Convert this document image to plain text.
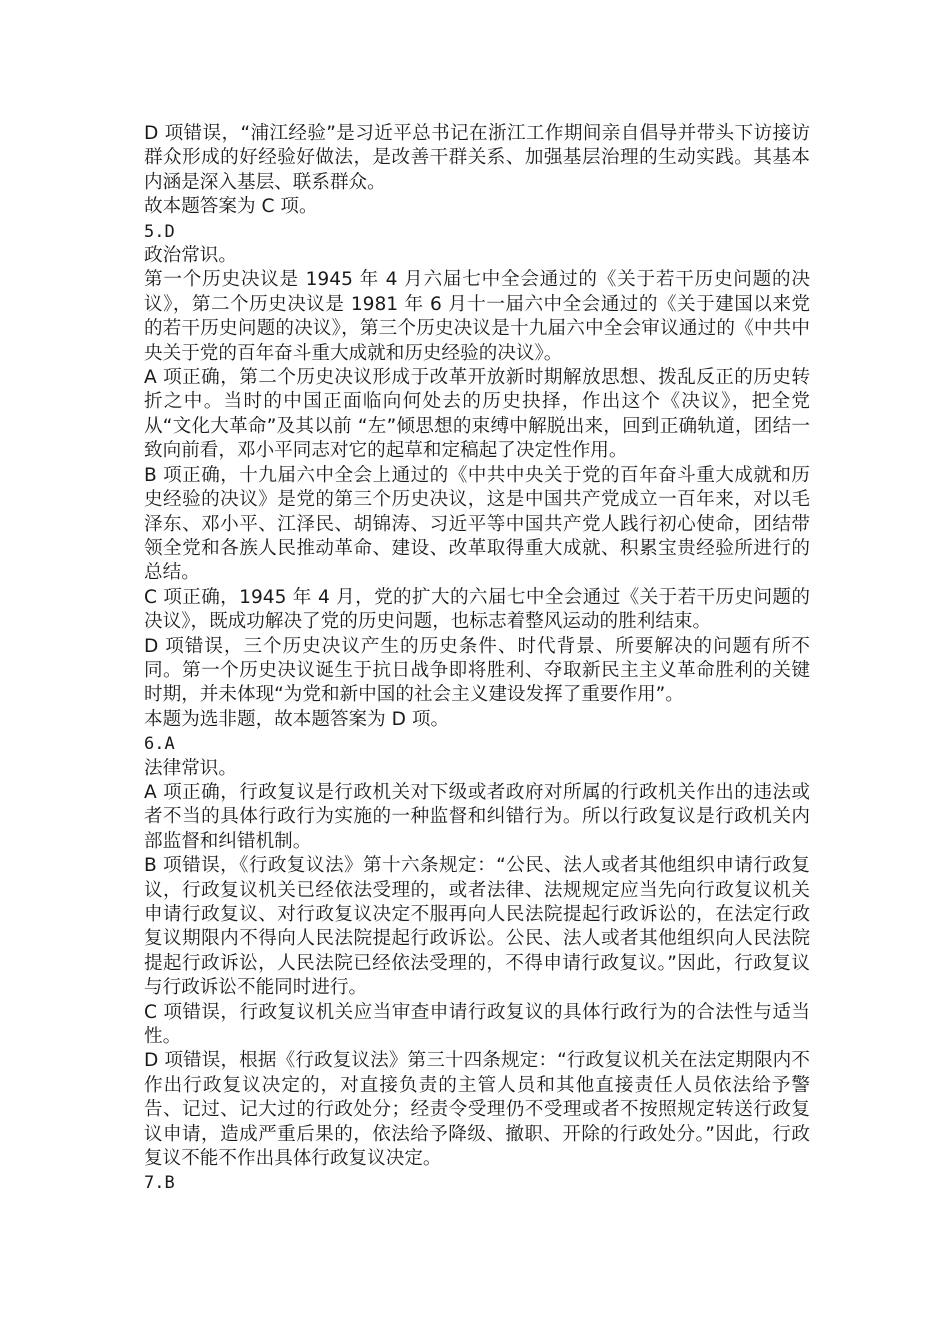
D 项错误，“浦江经验”是习近平总书记在浙江工作期间亲自倡导并带头下访接访群众形成的好经验好做法，是改善干群关系、加强基层治理的生动实践。其基本内涵是深入基层、联系群众。

故本题答案为 C 项。

5.D

政治常识。

第一个历史决议是 1945 年 4 月六届七中全会通过的《关于若干历史问题的决议》，第二个历史决议是 1981 年 6 月十一届六中全会通过的《关于建国以来党的若干历史问题的决议》，第三个历史决议是十九届六中全会审议通过的《中共中央关于党的百年奋斗重大成就和历史经验的决议》。

A 项正确，第二个历史决议形成于改革开放新时期解放思想、拨乱反正的历史转折之中。当时的中国正面临向何处去的历史抉择，作出这个《决议》，把全党从“文化大革命”及其以前 “左”倾思想的束缚中解脱出来，回到正确轨道，团结一致向前看，邓小平同志对它的起草和定稿起了决定性作用。

B 项正确，十九届六中全会上通过的《中共中央关于党的百年奋斗重大成就和历史经验的决议》是党的第三个历史决议，这是中国共产党成立一百年来，对以毛泽东、邓小平、江泽民、胡锦涛、习近平等中国共产党人践行初心使命，团结带领全党和各族人民推动革命、建设、改革取得重大成就、积累宝贵经验所进行的总结。

C 项正确，1945 年 4 月，党的扩大的六届七中全会通过《关于若干历史问题的决议》，既成功解决了党的历史问题，也标志着整风运动的胜利结束。

D 项错误，三个历史决议产生的历史条件、时代背景、所要解决的问题有所不同。第一个历史决议诞生于抗日战争即将胜利、夺取新民主主义革命胜利的关键时期，并未体现“为党和新中国的社会主义建设发挥了重要作用”。

本题为选非题，故本题答案为 D 项。

6.A

法律常识。

A 项正确，行政复议是行政机关对下级或者政府对所属的行政机关作出的违法或者不当的具体行政行为实施的一种监督和纠错行为。所以行政复议是行政机关内部监督和纠错机制。

B 项错误，《行政复议法》第十六条规定：“公民、法人或者其他组织申请行政复议，行政复议机关已经依法受理的，或者法律、法规规定应当先向行政复议机关申请行政复议、对行政复议决定不服再向人民法院提起行政诉讼的，在法定行政复议期限内不得向人民法院提起行政诉讼。公民、法人或者其他组织向人民法院提起行政诉讼，人民法院已经依法受理的，不得申请行政复议。”因此，行政复议与行政诉讼不能同时进行。

C 项错误，行政复议机关应当审查申请行政复议的具体行政行为的合法性与适当性。

D 项错误，根据《行政复议法》第三十四条规定：“行政复议机关在法定期限内不作出行政复议决定的，对直接负责的主管人员和其他直接责任人员依法给予警告、记过、记大过的行政处分；经责令受理仍不受理或者不按照规定转送行政复议申请，造成严重后果的，依法给予降级、撤职、开除的行政处分。”因此，行政复议不能不作出具体行政复议决定。

7.B
